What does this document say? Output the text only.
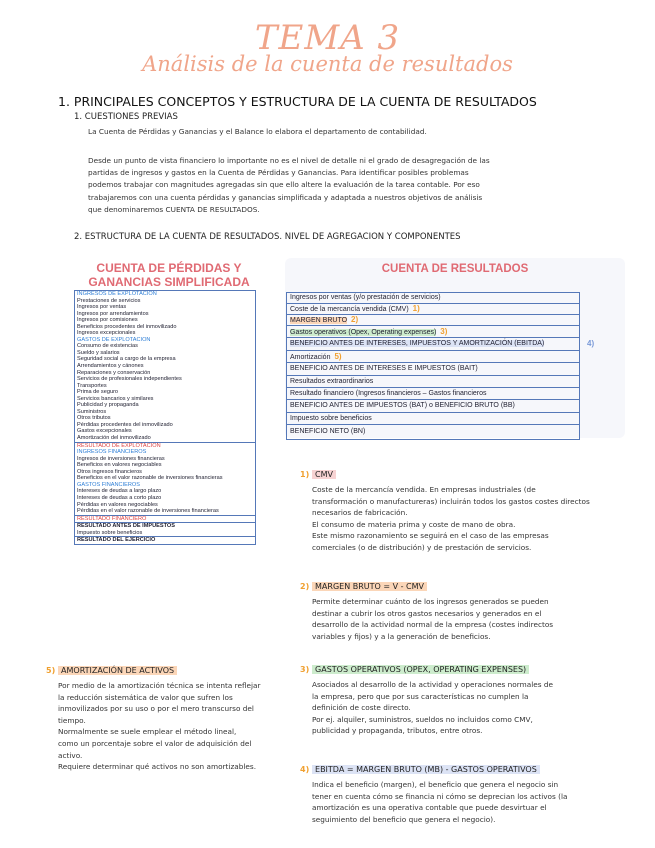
TEMA 3
Análisis de la cuenta de resultados
1. PRINCIPALES CONCEPTOS Y ESTRUCTURA DE LA CUENTA DE RESULTADOS
1. CUESTIONES PREVIAS
La Cuenta de Pérdidas y Ganancias y el Balance lo elabora el departamento de contabilidad.
Desde un punto de vista financiero lo importante no es el nivel de detalle ni el grado de desagregación de las
partidas de ingresos y gastos en la Cuenta de Pérdidas y Ganancias. Para identificar posibles problemas
podemos trabajar con magnitudes agregadas sin que ello altere la evaluación de la tarea contable. Por eso
trabajaremos con una cuenta pérdidas y ganancias simplificada y adaptada a nuestros objetivos de análisis
que denominaremos CUENTA DE RESULTADOS.
2. ESTRUCTURA DE LA CUENTA DE RESULTADOS. NIVEL DE AGREGACION Y COMPONENTES
CUENTA DE PÉRDIDAS Y
GANANCIAS SIMPLIFICADA
INGRESOS DE EXPLOTACIÓN
Prestaciones de servicios
Ingresos por ventas
Ingresos por arrendamientos
Ingresos por comisiones
Beneficios procedentes del inmovilizado
Ingresos excepcionales
GASTOS DE EXPLOTACIÓN
Consumo de existencias
Sueldo y salarios
Seguridad social a cargo de la empresa
Arrendamientos y cánones
Reparaciones y conservación
Servicios de profesionales independientes
Transportes
Prima de seguro
Servicios bancarios y similares
Publicidad y propaganda
Suministros
Otros tributos
Pérdidas procedentes del inmovilizado
Gastos excepcionales
Amortización del inmovilizado
RESULTADO DE EXPLOTACIÓN
INGRESOS FINANCIEROS
Ingresos de inversiones financieras
Beneficios en valores negociables
Otros ingresos financieros
Beneficios en el valor razonable de inversiones financieras
GASTOS FINANCIEROS
Intereses de deudas a largo plazo
Intereses de deudas a corto plazo
Pérdidas en valores negociables
Pérdidas en el valor razonable de inversiones financieras
RESULTADO FINANCIERO
RESULTADO ANTES DE IMPUESTOS
Impuesto sobre beneficios
RESULTADO DEL EJERCICIO
CUENTA DE RESULTADOS
Ingresos por ventas (y/o prestación de servicios)
Coste de la mercancía vendida (CMV) 1)
MARGEN BRUTO 2)
Gastos operativos (Opex, Operating expenses) 3)
BENEFICIO ANTES DE INTERESES, IMPUESTOS Y AMORTIZACIÓN (EBITDA)	4)
Amortización 5)
BENEFICIO ANTES DE INTERESES E IMPUESTOS (BAIT)
Resultados extraordinarios
Resultado financiero (Ingresos financieros – Gastos financieros
BENEFICIO ANTES DE IMPUESTOS (BAT) o BENEFICIO BRUTO (BB)
Impuesto sobre beneficios
BENEFICIO NETO (BN)
1) CMV
Coste de la mercancía vendida. En empresas industriales (de
transformación o manufactureras) incluirán todos los gastos costes directos
necesarios de fabricación.
El consumo de materia prima y coste de mano de obra.
Este mismo razonamiento se seguirá en el caso de las empresas
comerciales (o de distribución) y de prestación de servicios.
2) MARGEN BRUTO = V - CMV
Permite determinar cuánto de los ingresos generados se pueden
destinar a cubrir los otros gastos necesarios y generados en el
desarrollo de la actividad normal de la empresa (costes indirectos
variables y fijos) y a la generación de beneficios.
3) GASTOS OPERATIVOS (OPEX, OPERATING EXPENSES)
Asociados al desarrollo de la actividad y operaciones normales de
la empresa, pero que por sus características no cumplen la
definición de coste directo.
Por ej. alquiler, suministros, sueldos no incluidos como CMV,
publicidad y propaganda, tributos, entre otros.
4) EBITDA = MARGEN BRUTO (MB) - GASTOS OPERATIVOS
Indica el beneficio (margen), el beneficio que genera el negocio sin
tener en cuenta cómo se financia ni cómo se deprecian los activos (la
amortización es una operativa contable que puede desvirtuar el
seguimiento del beneficio que genera el negocio).
5) AMORTIZACIÓN DE ACTIVOS
Por medio de la amortización técnica se intenta reflejar
la reducción sistemática de valor que sufren los
inmovilizados por su uso o por el mero transcurso del
tiempo.
Normalmente se suele emplear el método lineal,
como un porcentaje sobre el valor de adquisición del
activo.
Requiere determinar qué activos no son amortizables.
